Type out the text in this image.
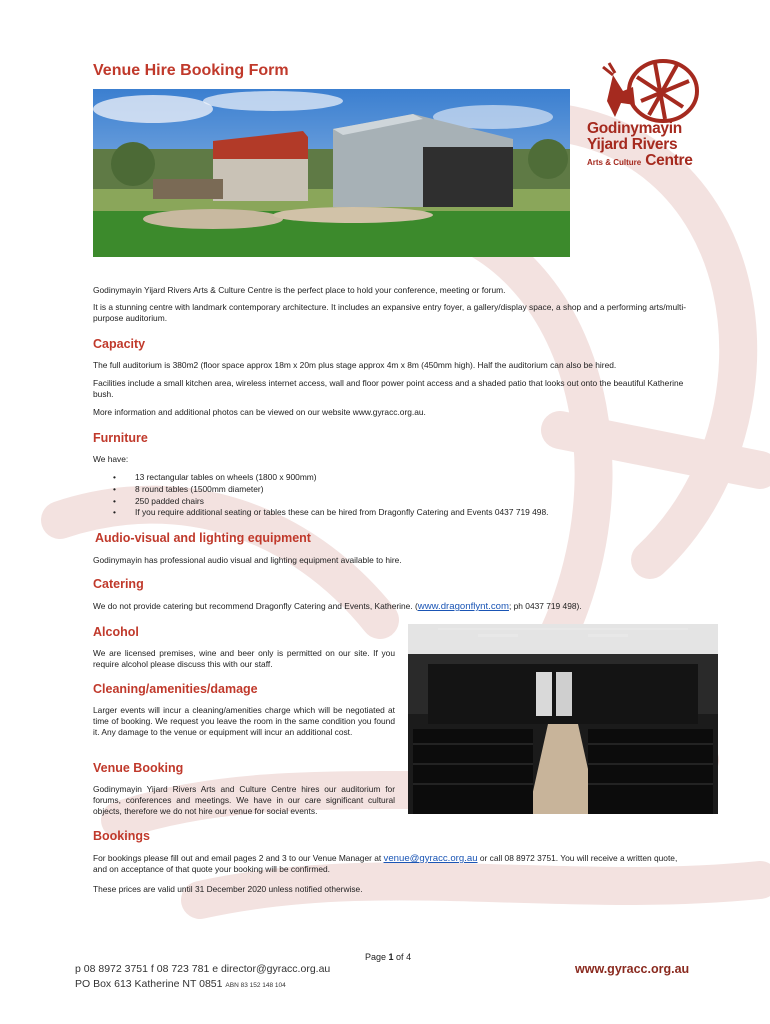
Venue Hire Booking Form
Godinymayin
Yijard Rivers
Arts & Culture Centre

Godinymayin Yijard Rivers Arts & Culture Centre is the perfect place to hold your conference, meeting or forum.

It is a stunning centre with landmark contemporary architecture. It includes an expansive entry foyer, a gallery/display space, a shop and a performing arts/multi-purpose auditorium.

Capacity

The full auditorium is 380m2 (floor space approx 18m x 20m plus stage approx 4m x 8m (450mm high). Half the auditorium can also be hired.

Facilities include a small kitchen area, wireless internet access, wall and floor power point access and a shaded patio that looks out onto the beautiful Katherine bush.

More information and additional photos can be viewed on our website www.gyracc.org.au.

Furniture

We have:

• 13 rectangular tables on wheels (1800 x 900mm)
• 8 round tables (1500mm diameter)
• 250 padded chairs
• If you require additional seating or tables these can be hired from Dragonfly Catering and Events 0437 719 498.
Audio-visual and lighting equipment

Godinymayin has professional audio visual and lighting equipment available to hire.

Catering

We do not provide catering but recommend Dragonfly Catering and Events, Katherine. (www.dragonflynt.com; ph 0437 719 498).

Alcohol

We are licensed premises, wine and beer only is permitted on our site. If you require alcohol please discuss this with our staff.

Cleaning/amenities/damage

Larger events will incur a cleaning/amenities charge which will be negotiated at time of booking. We request you leave the room in the same condition you found it. Any damage to the venue or equipment will incur an additional cost.

Venue Booking

Godinymayin Yijard Rivers Arts and Culture Centre hires our auditorium for forums, conferences and meetings. We have in our care significant cultural objects, therefore we do not hire our venue for social events.

Bookings

For bookings please fill out and email pages 2 and 3 to our Venue Manager at venue@gyracc.org.au or call 08 8972 3751. You will receive a written quote, and on acceptance of that quote your booking will be confirmed.

These prices are valid until 31 December 2020 unless notified otherwise.

Page 1 of 4
p 08 8972 3751 f 08 723 781 e director@gyracc.org.au
PO Box 613 Katherine NT 0851 ABN 83 152 148 104
www.gyracc.org.au
